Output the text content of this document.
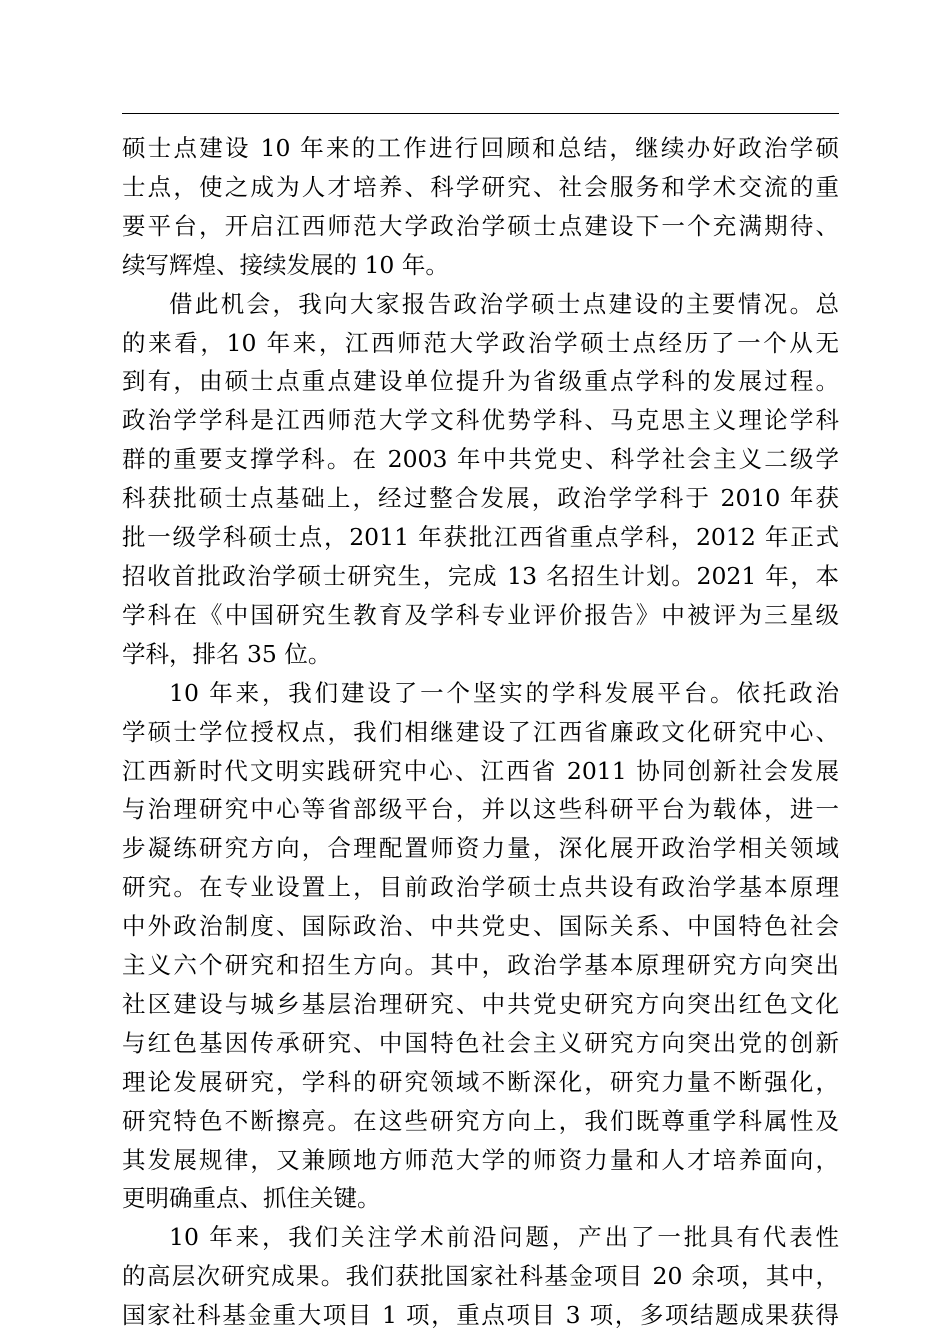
硕士点建设 10 年来的工作进行回顾和总结，继续办好政治学硕
士点，使之成为人才培养、科学研究、社会服务和学术交流的重
要平台，开启江西师范大学政治学硕士点建设下一个充满期待、
续写辉煌、接续发展的 10 年。
借此机会，我向大家报告政治学硕士点建设的主要情况。总
的来看，10 年来，江西师范大学政治学硕士点经历了一个从无
到有，由硕士点重点建设单位提升为省级重点学科的发展过程。
政治学学科是江西师范大学文科优势学科、马克思主义理论学科
群的重要支撑学科。在 2003 年中共党史、科学社会主义二级学
科获批硕士点基础上，经过整合发展，政治学学科于 2010 年获
批一级学科硕士点，2011 年获批江西省重点学科，2012 年正式
招收首批政治学硕士研究生，完成 13 名招生计划。2021 年，本
学科在《中国研究生教育及学科专业评价报告》中被评为三星级
学科，排名 35 位。
10 年来，我们建设了一个坚实的学科发展平台。依托政治
学硕士学位授权点，我们相继建设了江西省廉政文化研究中心、
江西新时代文明实践研究中心、江西省 2011 协同创新社会发展
与治理研究中心等省部级平台，并以这些科研平台为载体，进一
步凝练研究方向，合理配置师资力量，深化展开政治学相关领域
研究。在专业设置上，目前政治学硕士点共设有政治学基本原理
中外政治制度、国际政治、中共党史、国际关系、中国特色社会
主义六个研究和招生方向。其中，政治学基本原理研究方向突出
社区建设与城乡基层治理研究、中共党史研究方向突出红色文化
与红色基因传承研究、中国特色社会主义研究方向突出党的创新
理论发展研究，学科的研究领域不断深化，研究力量不断强化，
研究特色不断擦亮。在这些研究方向上，我们既尊重学科属性及
其发展规律，又兼顾地方师范大学的师资力量和人才培养面向，
更明确重点、抓住关键。
10 年来，我们关注学术前沿问题，产出了一批具有代表性
的高层次研究成果。我们获批国家社科基金项目 20 余项，其中，
国家社科基金重大项目 1 项，重点项目 3 项，多项结题成果获得
